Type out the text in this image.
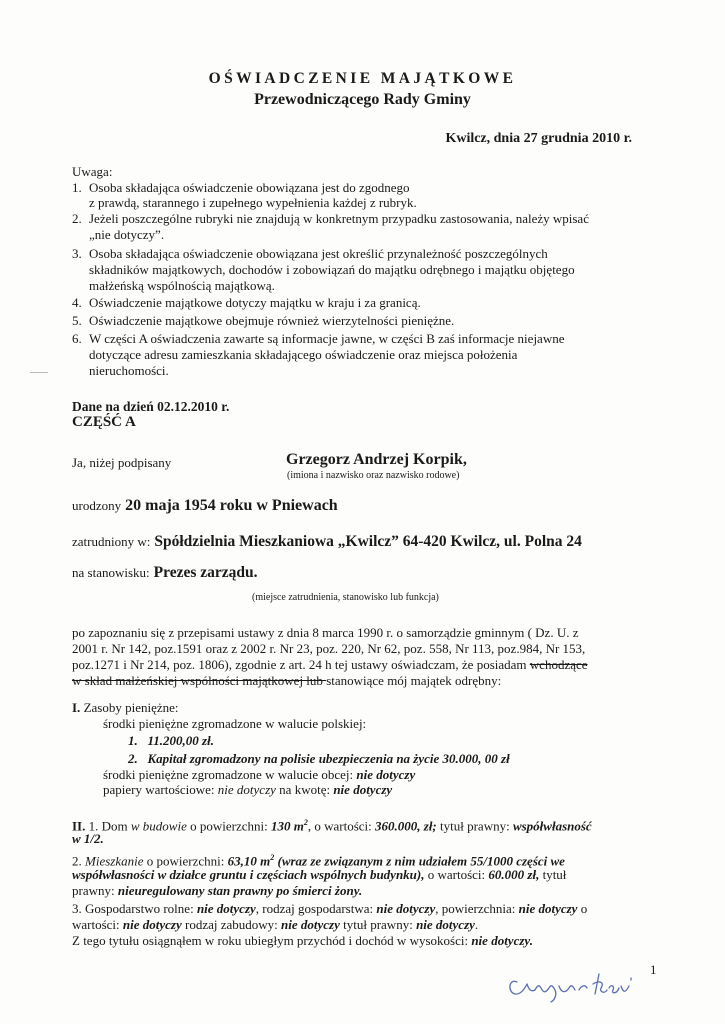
OŚWIADCZENIE MAJĄTKOWE
Przewodniczącego Rady Gminy
Kwilcz, dnia 27 grudnia 2010 r.
Uwaga:
1. Osoba składająca oświadczenie obowiązana jest do zgodnego
z prawdą, starannego i zupełnego wypełnienia każdej z rubryk.
2. Jeżeli poszczególne rubryki nie znajdują w konkretnym przypadku zastosowania, należy wpisać
„nie dotyczy”.
3. Osoba składająca oświadczenie obowiązana jest określić przynależność poszczególnych
składników majątkowych, dochodów i zobowiązań do majątku odrębnego i majątku objętego
małżeńską wspólnością majątkową.
4. Oświadczenie majątkowe dotyczy majątku w kraju i za granicą.
5. Oświadczenie majątkowe obejmuje również wierzytelności pieniężne.
6. W części A oświadczenia zawarte są informacje jawne, w części B zaś informacje niejawne
dotyczące adresu zamieszkania składającego oświadczenie oraz miejsca położenia
nieruchomości.
Dane na dzień 02.12.2010 r.
CZĘŚĆ A
Ja, niżej podpisany	Grzegorz Andrzej Korpik,
(imiona i nazwisko oraz nazwisko rodowe)
urodzony 20 maja 1954 roku w Pniewach
zatrudniony w: Spółdzielnia Mieszkaniowa „Kwilcz” 64-420 Kwilcz, ul. Polna 24
na stanowisku: Prezes zarządu.
(miejsce zatrudnienia, stanowisko lub funkcja)
po zapoznaniu się z przepisami ustawy z dnia 8 marca 1990 r. o samorządzie gminnym ( Dz. U. z
2001 r. Nr 142, poz.1591 oraz z 2002 r. Nr 23, poz. 220, Nr 62, poz. 558, Nr 113, poz.984, Nr 153,
poz.1271 i Nr 214, poz. 1806), zgodnie z art. 24 h tej ustawy oświadczam, że posiadam wchodzące
w skład małżeńskiej wspólności majątkowej lub stanowiące mój majątek odrębny:
I. Zasoby pieniężne:
środki pieniężne zgromadzone w walucie polskiej:
1. 11.200,00 zł.
2. Kapitał zgromadzony na polisie ubezpieczenia na życie 30.000, 00 zł
środki pieniężne zgromadzone w walucie obcej: nie dotyczy
papiery wartościowe: nie dotyczy na kwotę: nie dotyczy
II. 1. Dom w budowie o powierzchni: 130 $m^2$, o wartości: 360.000, zł; tytuł prawny: współwłasność
w 1/2.
2. Mieszkanie o powierzchni: 63,10 $m^2$ (wraz ze związanym z nim udziałem 55/1000 części we
współwłasności w działce gruntu i częściach wspólnych budynku), o wartości: 60.000 zł, tytuł
prawny: nieuregulowany stan prawny po śmierci żony.
3. Gospodarstwo rolne: nie dotyczy, rodzaj gospodarstwa: nie dotyczy, powierzchnia: nie dotyczy o
wartości: nie dotyczy rodzaj zabudowy: nie dotyczy tytuł prawny: nie dotyczy.
Z tego tytułu osiągnąłem w roku ubiegłym przychód i dochód w wysokości: nie dotyczy.
1
